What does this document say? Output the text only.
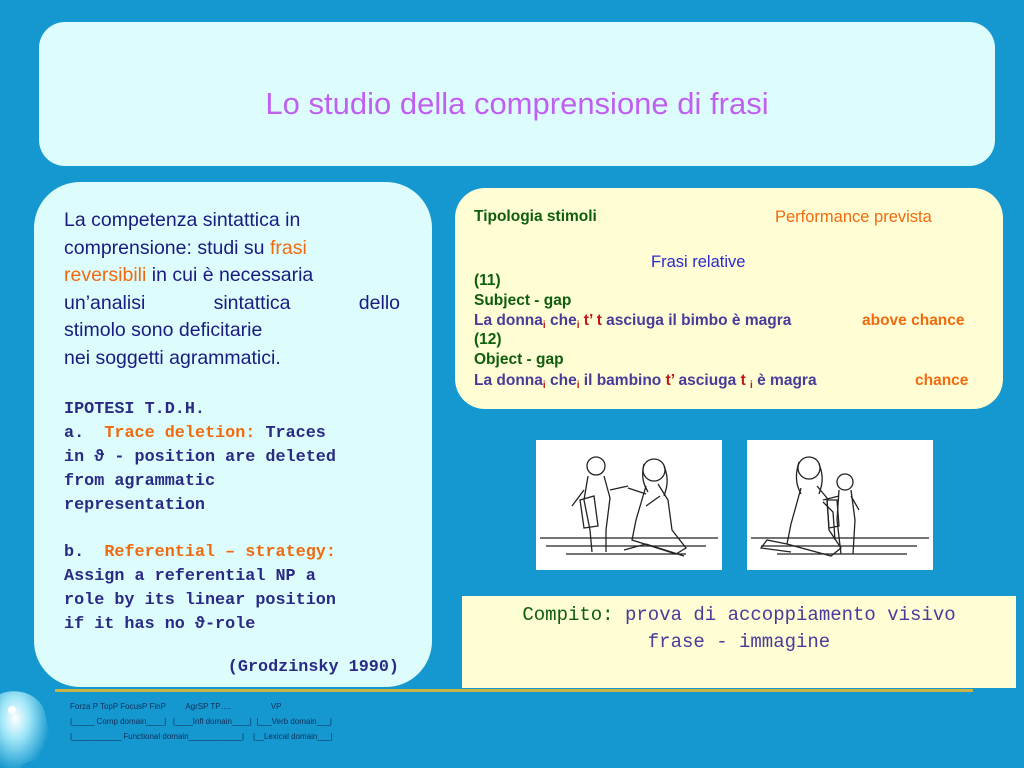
Lo studio della comprensione di frasi
La competenza sintattica in
comprensione: studi su frasi
reversibili in cui è necessaria
un’analisi sintattica dello
stimolo sono deficitarie
nei soggetti agrammatici.
IPOTESI T.D.H.
a. Trace deletion: Traces
in ϑ - position are deleted
from agrammatic
representation
b. Referential – strategy:
Assign a referential NP a
role by its linear position
if it has no ϑ-role
(Grodzinsky 1990)
Tipologia stimoli	Performance prevista
Frasi relative
(11)
Subject - gap
La donna$_i$ che$_i$ t’ t asciuga il bimbo è magra	above chance
(12)
Object - gap
La donna$_i$ che$_i$ il bambino t’ asciuga t $_i$ è magra	chance
Compito: prova di accoppiamento visivo
frase - immagine
Forza P TopP FocusP FinP         AgrSP TP….                  VP
|_____ Comp domain____|   |____Infl domain____|  |___Verb domain___|
|___________ Functional domain____________|    |__Lexical domain___|
